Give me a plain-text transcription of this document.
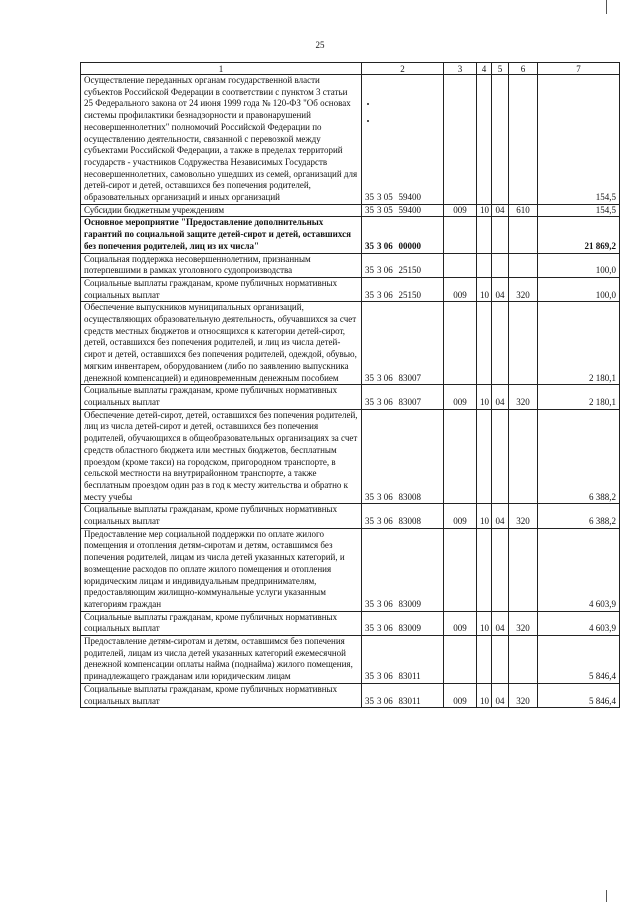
25
1	2	3	4	5	6	7
Осуществление переданных органам государственной власти субъектов Российской Федерации в соответствии с пунктом 3 статьи 25 Федерального закона от 24 июня 1999 года № 120-ФЗ "Об основах системы профилактики безнадзорности и правонарушений несовершеннолетних" полномочий Российской Федерации по осуществлению деятельности, связанной с перевозкой между субъектами Российской Федерации, а также в пределах территорий государств - участников Содружества Независимых Государств несовершеннолетних, самовольно ушедших из семей, организаций для детей-сирот и детей, оставшихся без попечения родителей, образовательных организаций и иных организаций	35 3 05 59400					154,5
Субсидии бюджетным учреждениям	35 3 05 59400	009	10	04	610	154,5
Основное мероприятие "Предоставление дополнительных гарантий по социальной защите детей-сирот и детей, оставшихся без попечения родителей, лиц из их числа"	35 3 06 00000					21 869,2
Социальная поддержка несовершеннолетним, признанным потерпевшими в рамках уголовного судопроизводства	35 3 06 25150					100,0
Социальные выплаты гражданам, кроме публичных нормативных социальных выплат	35 3 06 25150	009	10	04	320	100,0
Обеспечение выпускников муниципальных организаций, осуществляющих образовательную деятельность, обучавшихся за счет средств местных бюджетов и относящихся к категории детей-сирот, детей, оставшихся без попечения родителей, и лиц из числа детей-сирот и детей, оставшихся без попечения родителей, одеждой, обувью, мягким инвентарем, оборудованием (либо по заявлению выпускника денежной компенсацией) и единовременным денежным пособием	35 3 06 83007					2 180,1
Социальные выплаты гражданам, кроме публичных нормативных социальных выплат	35 3 06 83007	009	10	04	320	2 180,1
Обеспечение детей-сирот, детей, оставшихся без попечения родителей, лиц из числа детей-сирот и детей, оставшихся без попечения родителей, обучающихся в общеобразовательных организациях за счет средств областного бюджета или местных бюджетов, бесплатным проездом (кроме такси) на городском, пригородном транспорте, в сельской местности на внутрирайонном транспорте, а также бесплатным проездом один раз в год к месту жительства и обратно к месту учебы	35 3 06 83008					6 388,2
Социальные выплаты гражданам, кроме публичных нормативных социальных выплат	35 3 06 83008	009	10	04	320	6 388,2
Предоставление мер социальной поддержки по оплате жилого помещения и отопления детям-сиротам и детям, оставшимся без попечения родителей, лицам из числа детей указанных категорий, и возмещение расходов по оплате жилого помещения и отопления юридическим лицам и индивидуальным предпринимателям, предоставляющим жилищно-коммунальные услуги указанным категориям граждан	35 3 06 83009					4 603,9
Социальные выплаты гражданам, кроме публичных нормативных социальных выплат	35 3 06 83009	009	10	04	320	4 603,9
Предоставление детям-сиротам и детям, оставшимся без попечения родителей, лицам из числа детей указанных категорий ежемесячной денежной компенсации оплаты найма (поднайма) жилого помещения, принадлежащего гражданам или юридическим лицам	35 3 06 83011					5 846,4
Социальные выплаты гражданам, кроме публичных нормативных социальных выплат	35 3 06 83011	009	10	04	320	5 846,4
